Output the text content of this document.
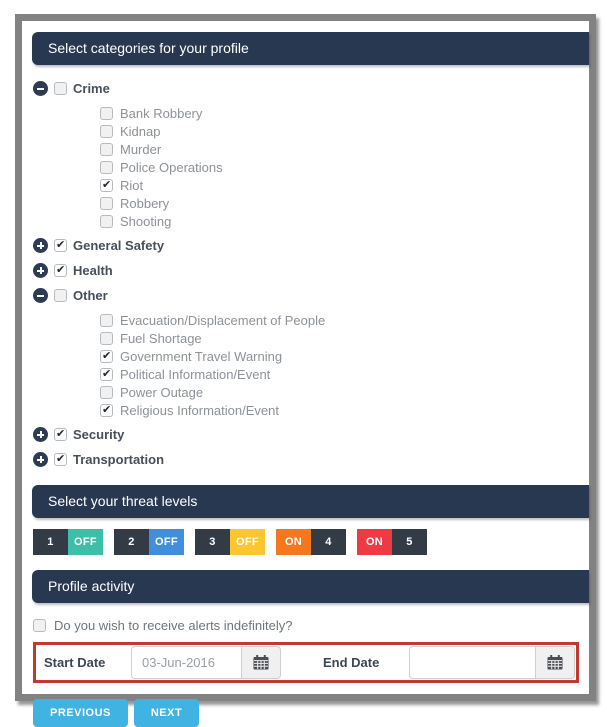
Select categories for your profile
Crime
Bank Robbery
Kidnap
Murder
Police Operations
✔
Riot
Robbery
Shooting
✔
General Safety
✔
Health
Other
Evacuation/Displacement of People
Fuel Shortage
✔
Government Travel Warning
✔
Political Information/Event
Power Outage
✔
Religious Information/Event
✔
Security
✔
Transportation
Select your threat levels
1	OFF	2	OFF	3	OFF	ON	4	ON	5
Profile activity
Do you wish to receive alerts indefinitely?
Start Date
03-Jun-2016	End Date
PREVIOUS	NEXT
